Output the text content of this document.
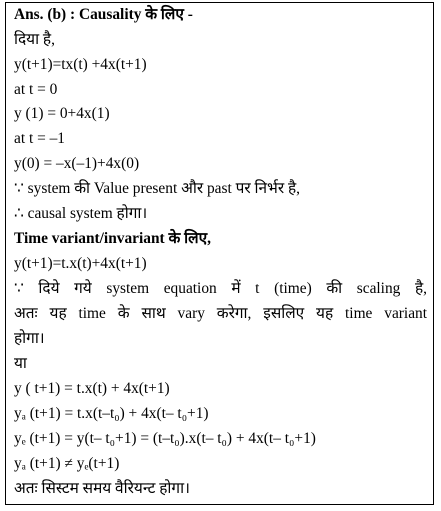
Ans. (b) : Causality के लिए -
दिया है,
y(t+1)=tx(t) +4x(t+1)
at t = 0
y (1) = 0+4x(1)
at t = –1
y(0) = –x(–1)+4x(0)
∵ system की Value present और past पर निर्भर है,
∴ causal system होगा।
Time variant/invariant के लिए,
y(t+1)=t.x(t)+4x(t+1)
∵ दिये गये system equation में t (time) की scaling है,
अतः यह time के साथ vary करेगा, इसलिए यह time variant
होगा।
या
y ( t+1) = t.x(t) + 4x(t+1)
yₐ (t+1) = t.x(t–t₀) + 4x(t– t₀+1)
yₑ (t+1) = y(t– t₀+1) = (t–t₀).x(t– t₀) + 4x(t– t₀+1)
yₐ (t+1) ≠ yₑ(t+1)
अतः सिस्टम समय वैरियन्ट होगा।
